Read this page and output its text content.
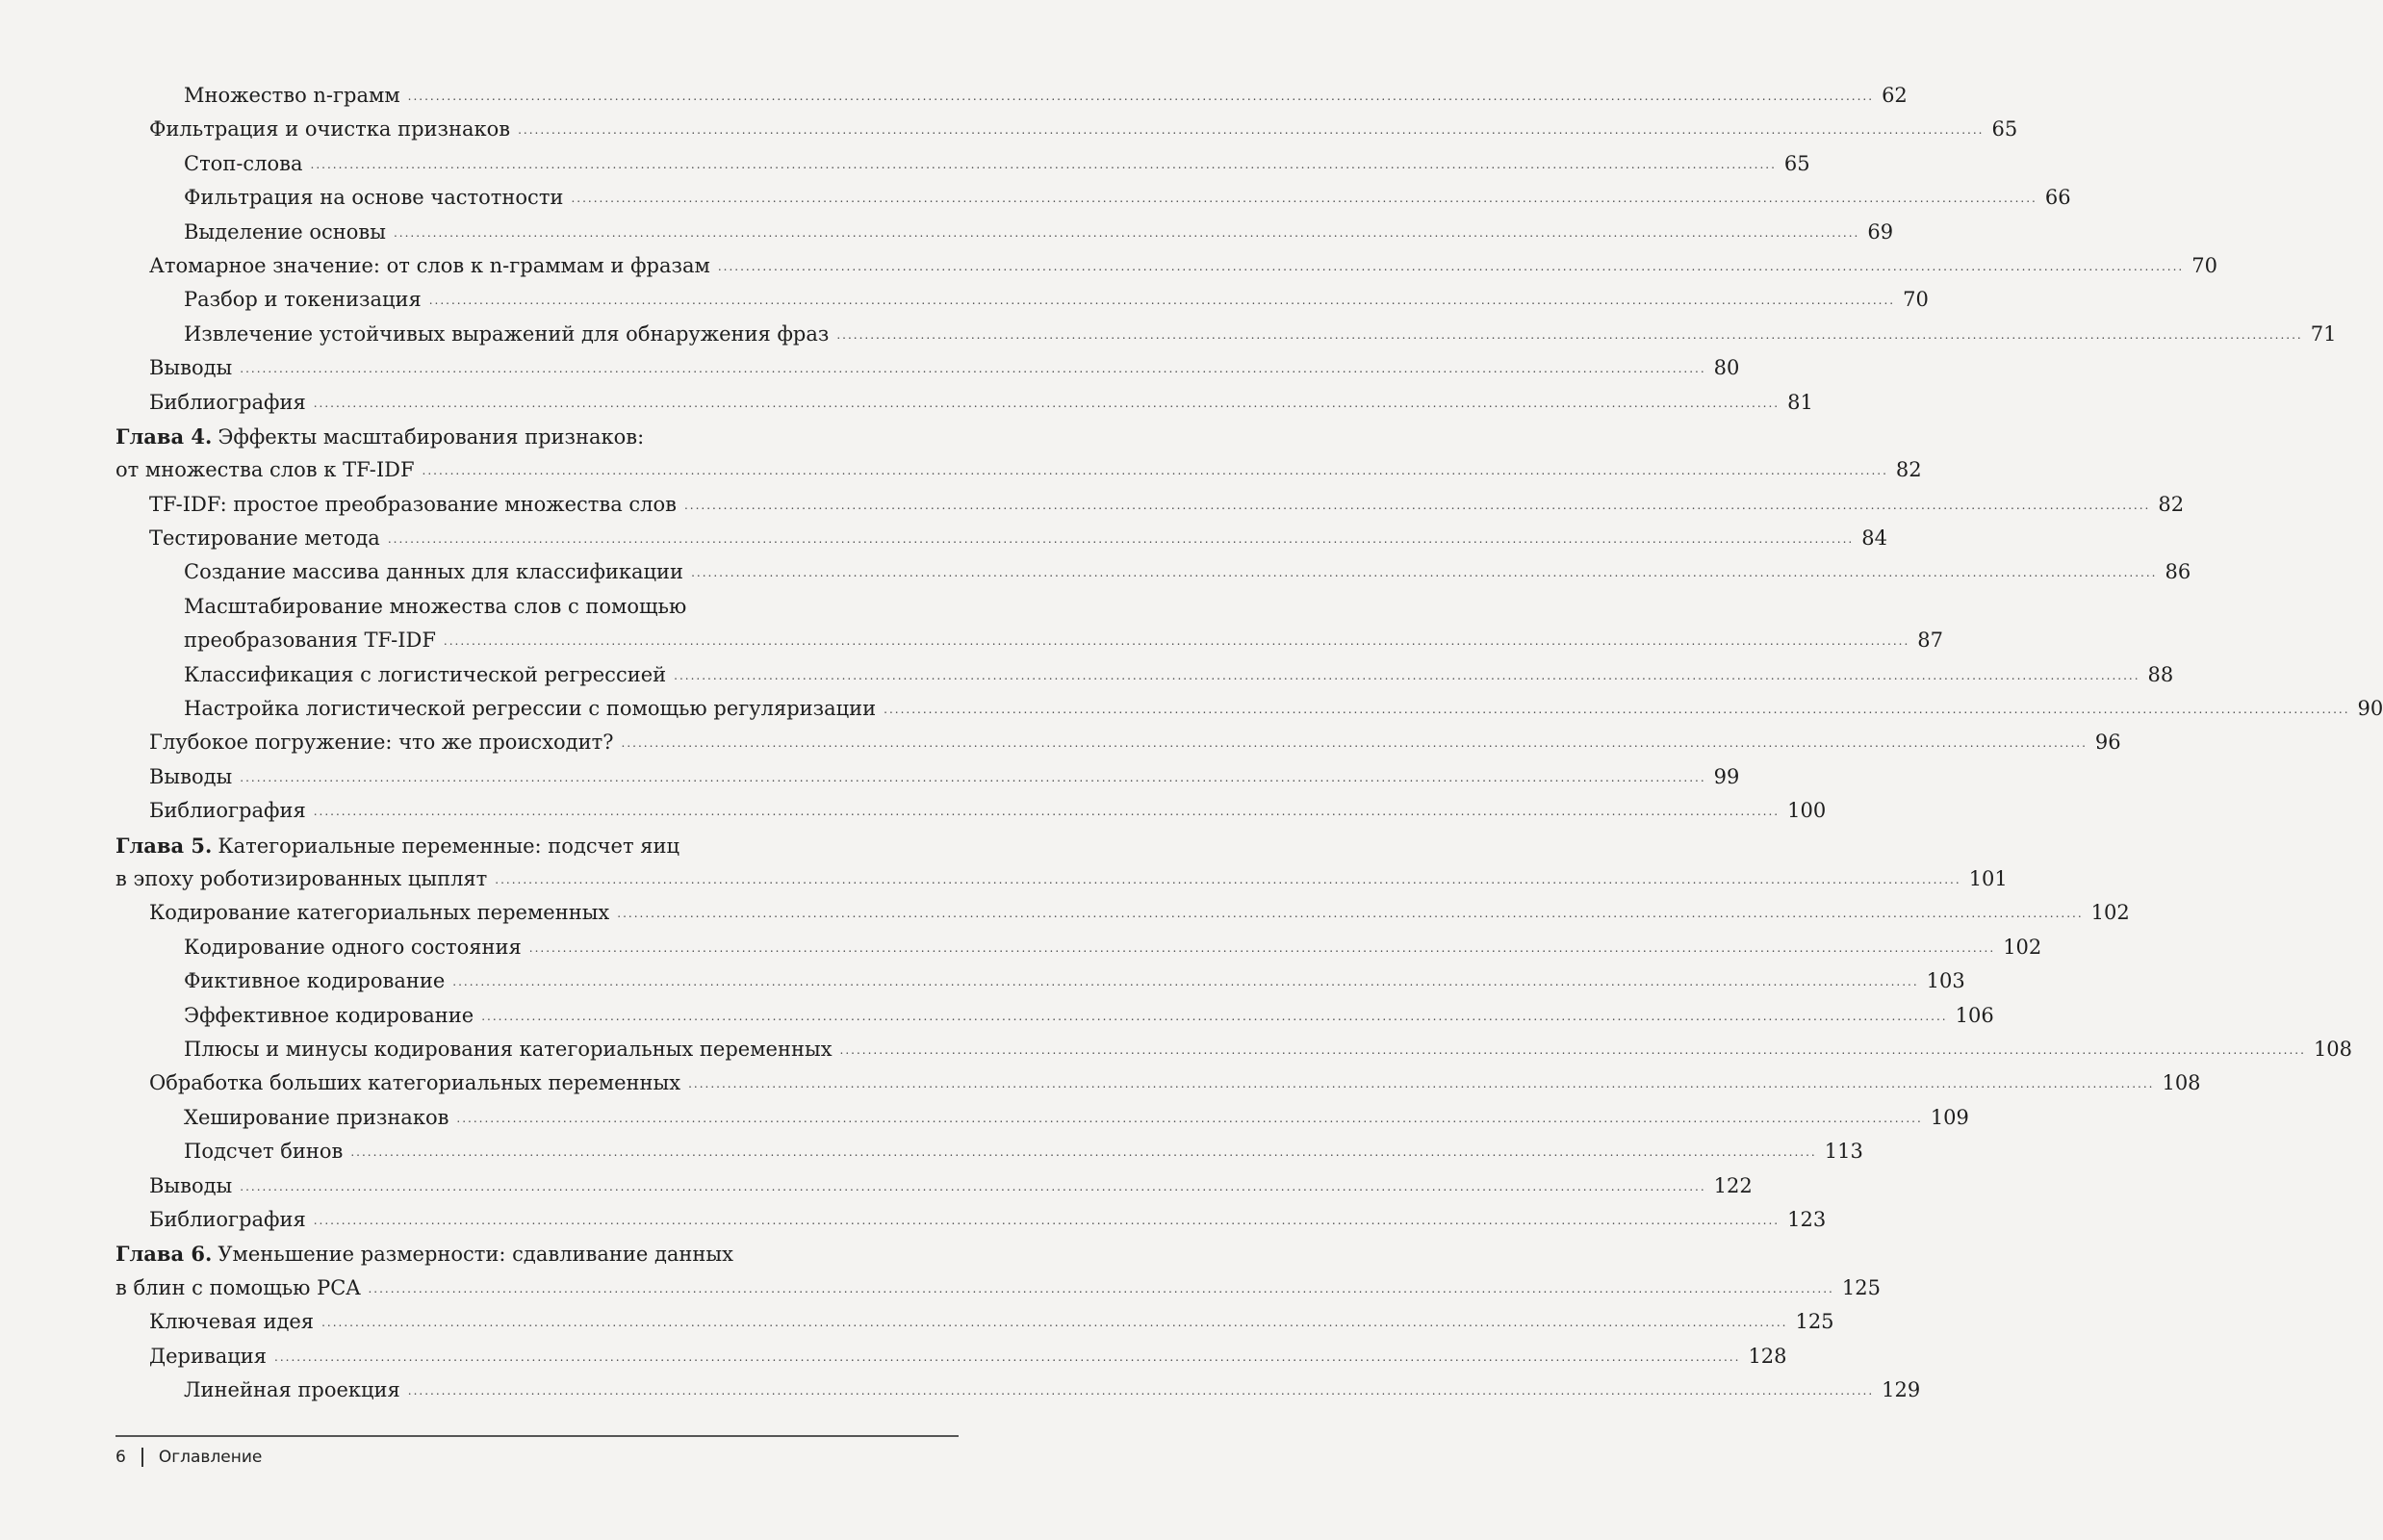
Множество n-грамм .....	62
Фильтрация и очистка признаков .....	65
Стоп-слова .....	65
Фильтрация на основе частотности .....	66
Выделение основы .....	69
Атомарное значение: от слов к n-граммам и фразам .....	70
Разбор и токенизация .....	70
Извлечение устойчивых выражений для обнаружения фраз .....	71
Выводы .....	80
Библиография .....	81
Глава 4. Эффекты масштабирования признаков:
от множества слов к TF-IDF .....	82
TF-IDF: простое преобразование множества слов .....	82
Тестирование метода .....	84
Создание массива данных для классификации .....	86
Масштабирование множества слов с помощью
преобразования TF-IDF .....	87
Классификация с логистической регрессией .....	88
Настройка логистической регрессии с помощью регуляризации .....	90
Глубокое погружение: что же происходит? .....	96
Выводы .....	99
Библиография .....	100
Глава 5. Категориальные переменные: подсчет яиц
в эпоху роботизированных цыплят .....	101
Кодирование категориальных переменных .....	102
Кодирование одного состояния .....	102
Фиктивное кодирование .....	103
Эффективное кодирование .....	106
Плюсы и минусы кодирования категориальных переменных .....	108
Обработка больших категориальных переменных .....	108
Хеширование признаков .....	109
Подсчет бинов .....	113
Выводы .....	122
Библиография .....	123
Глава 6. Уменьшение размерности: сдавливание данных
в блин с помощью PCA .....	125
Ключевая идея .....	125
Деривация .....	128
Линейная проекция .....	129
6 Оглавление
